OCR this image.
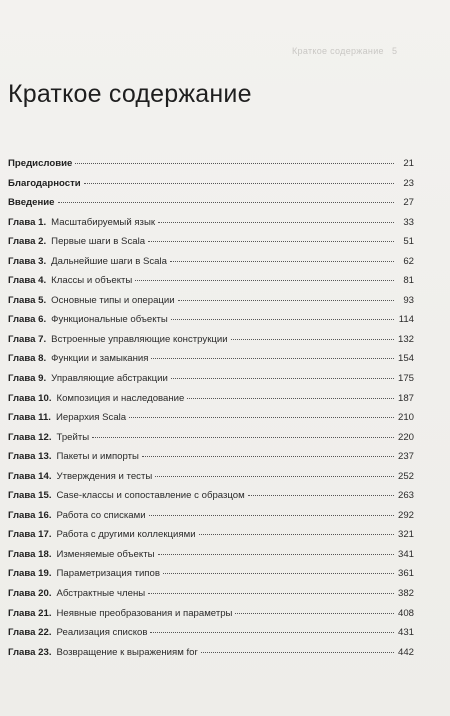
Краткое содержание 5
Краткое содержание
Предисловие	21
Благодарности	23
Введение	27
Глава 1. Масштабируемый язык	33
Глава 2. Первые шаги в Scala	51
Глава 3. Дальнейшие шаги в Scala	62
Глава 4. Классы и объекты	81
Глава 5. Основные типы и операции	93
Глава 6. Функциональные объекты	114
Глава 7. Встроенные управляющие конструкции	132
Глава 8. Функции и замыкания	154
Глава 9. Управляющие абстракции	175
Глава 10. Композиция и наследование	187
Глава 11. Иерархия Scala	210
Глава 12. Трейты	220
Глава 13. Пакеты и импорты	237
Глава 14. Утверждения и тесты	252
Глава 15. Case-классы и сопоставление с образцом	263
Глава 16. Работа со списками	292
Глава 17. Работа с другими коллекциями	321
Глава 18. Изменяемые объекты	341
Глава 19. Параметризация типов	361
Глава 20. Абстрактные члены	382
Глава 21. Неявные преобразования и параметры	408
Глава 22. Реализация списков	431
Глава 23. Возвращение к выражениям for	442
